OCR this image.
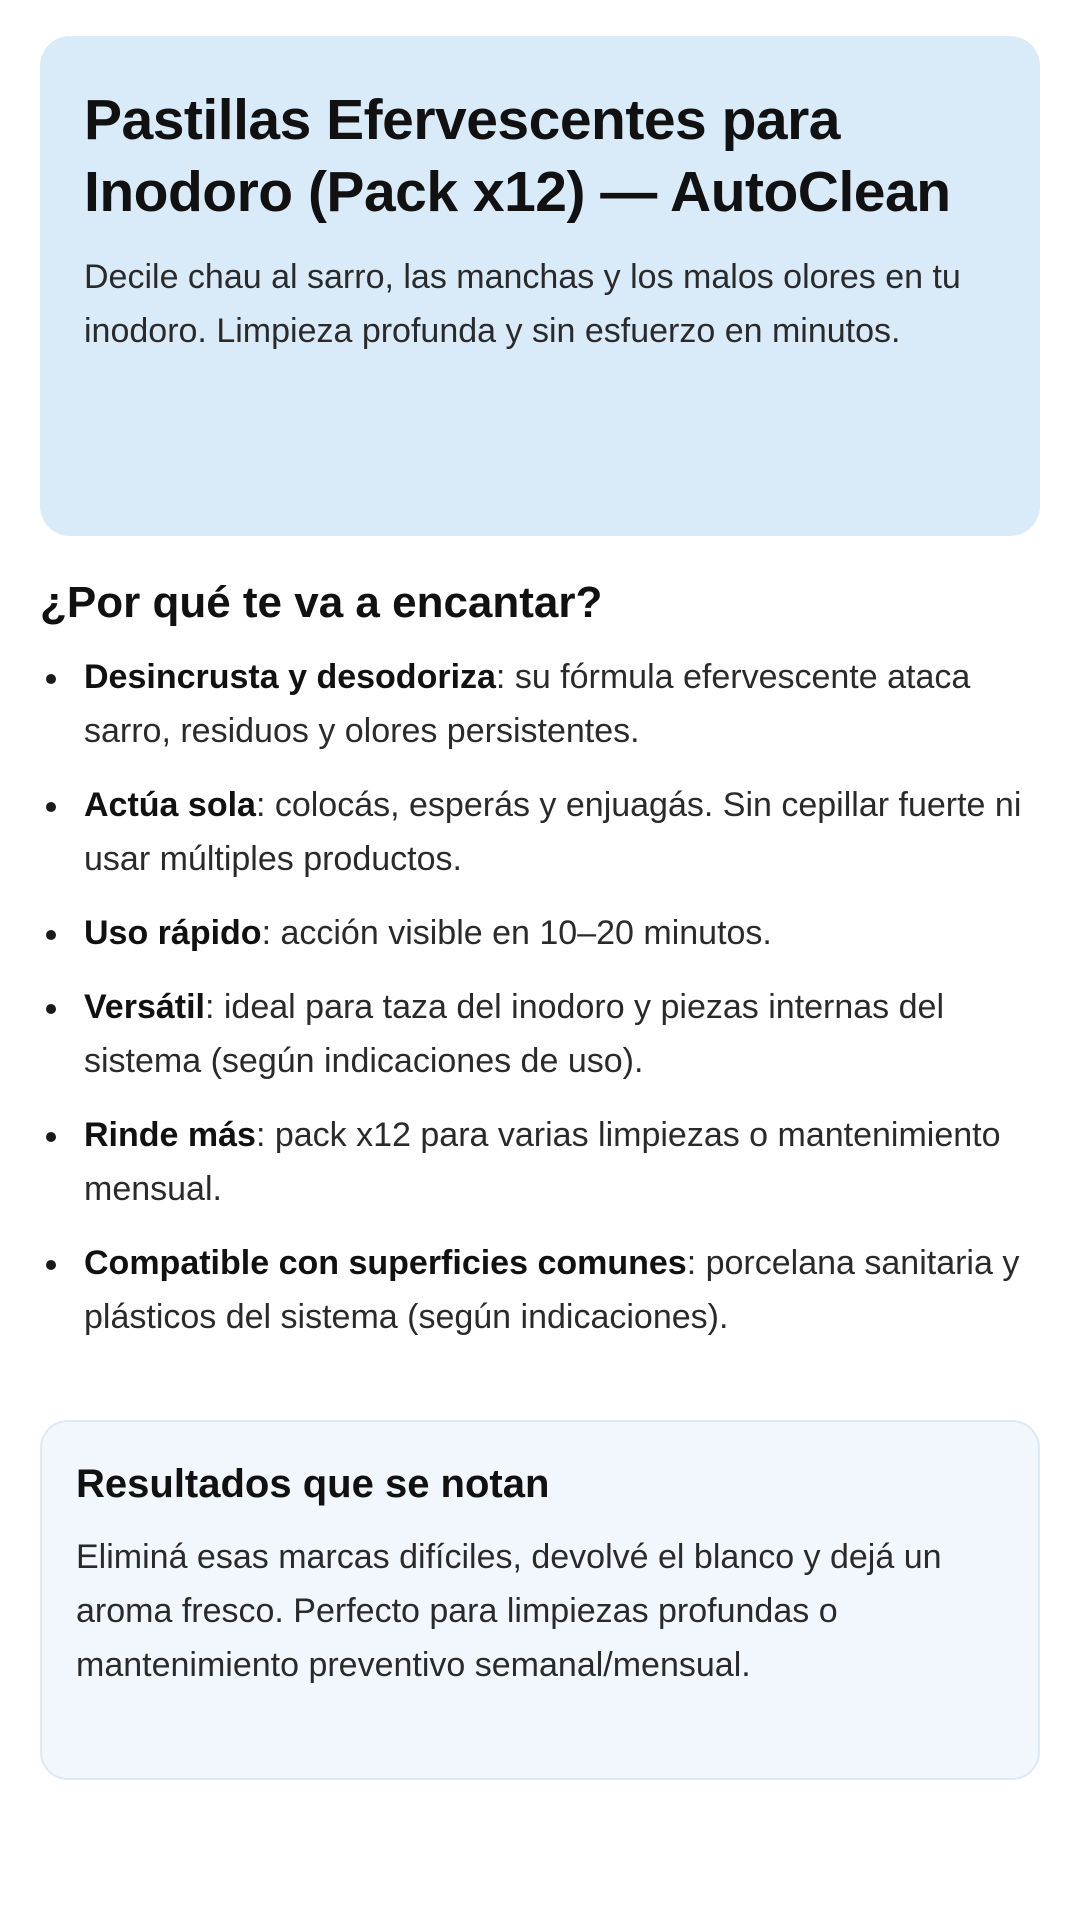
Pastillas Efervescentes para Inodoro (Pack x12) — AutoClean

Decile chau al sarro, las manchas y los malos olores en tu inodoro. Limpieza profunda y sin esfuerzo en minutos.

¿Por qué te va a encantar?
Desincrusta y desodoriza: su fórmula efervescente ataca sarro, residuos y olores persistentes.
Actúa sola: colocás, esperás y enjuagás. Sin cepillar fuerte ni usar múltiples productos.
Uso rápido: acción visible en 10–20 minutos.
Versátil: ideal para taza del inodoro y piezas internas del sistema (según indicaciones de uso).
Rinde más: pack x12 para varias limpiezas o mantenimiento mensual.
Compatible con superficies comunes: porcelana sanitaria y plásticos del sistema (según indicaciones).
Resultados que se notan

Eliminá esas marcas difíciles, devolvé el blanco y dejá un aroma fresco. Perfecto para limpiezas profundas o mantenimiento preventivo semanal/mensual.
